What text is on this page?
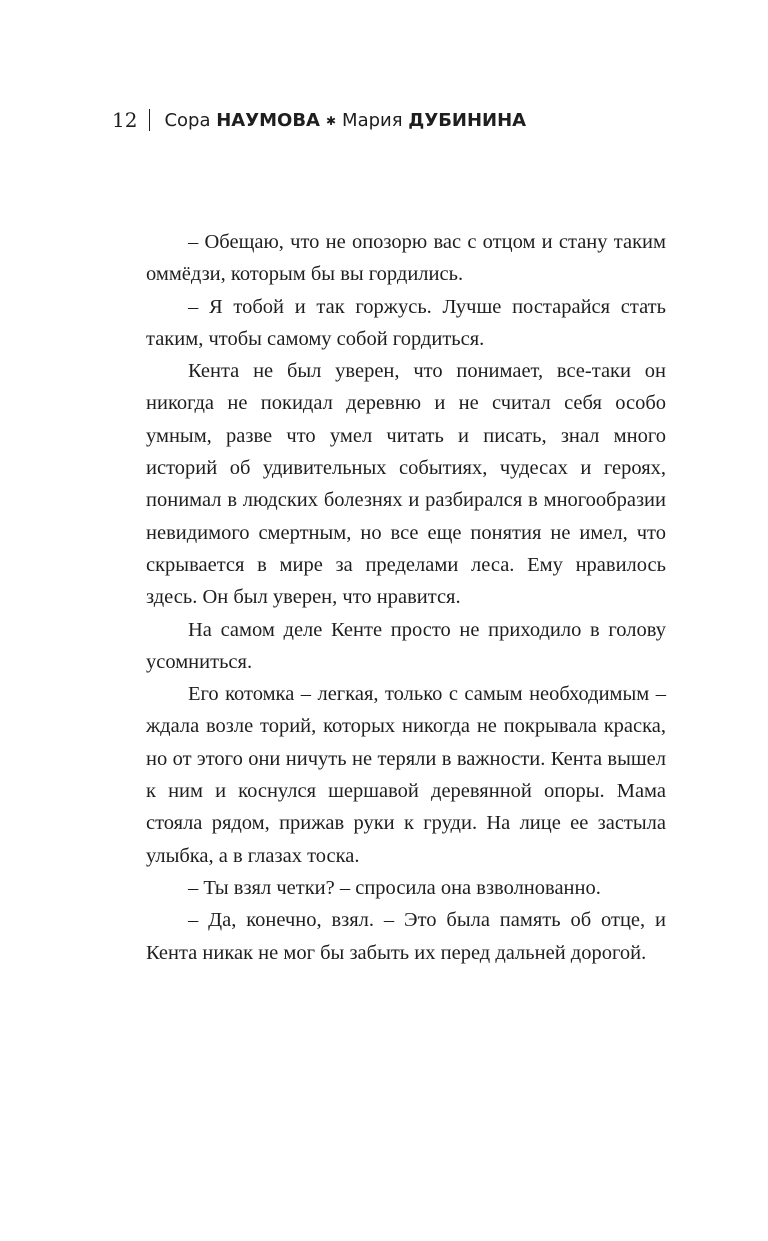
12 Сора НАУМОВА ✱ Мария ДУБИНИНА

– Обещаю, что не опозорю вас с отцом и стану таким оммёдзи, которым бы вы гордились.

– Я тобой и так горжусь. Лучше постарайся стать таким, чтобы самому собой гордиться.

Кента не был уверен, что понимает, все-таки он никогда не покидал деревню и не считал себя особо умным, разве что умел читать и писать, знал много историй об удивительных событиях, чудесах и героях, понимал в людских болезнях и разбирался в многообразии невидимого смертным, но все еще понятия не имел, что скрывается в мире за пределами леса. Ему нравилось здесь. Он был уверен, что нравится.

На самом деле Кенте просто не приходило в голову усомниться.

Его котомка – легкая, только с самым необходимым – ждала возле торий, которых никогда не покрывала краска, но от этого они ничуть не теряли в важности. Кента вышел к ним и коснулся шершавой деревянной опоры. Мама стояла рядом, прижав руки к груди. На лице ее застыла улыбка, а в глазах тоска.

– Ты взял четки? – спросила она взволнованно.

– Да, конечно, взял. – Это была память об отце, и Кента никак не мог бы забыть их перед дальней дорогой.
